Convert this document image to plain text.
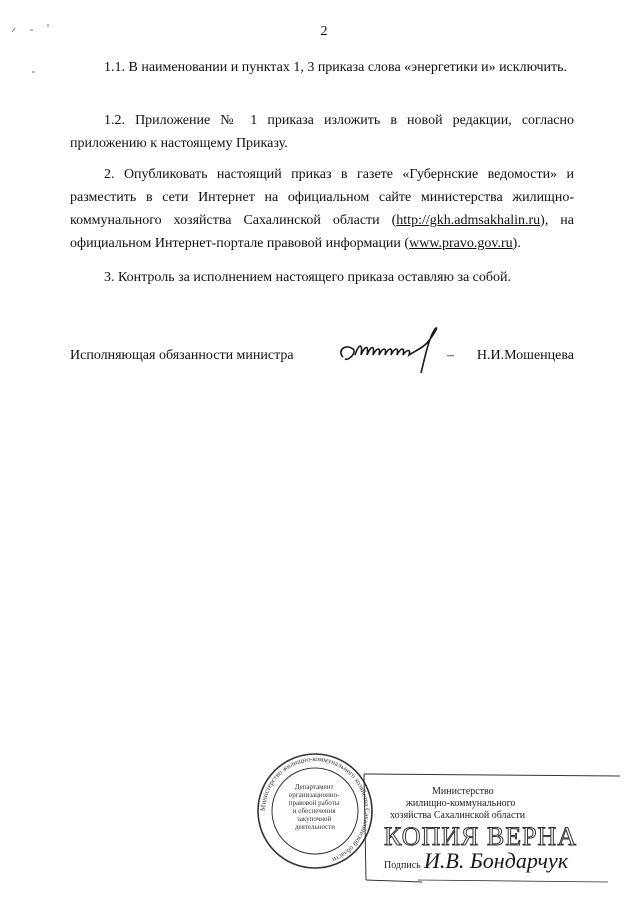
2

1.1. В наименовании и пунктах 1, 3 приказа слова «энергетики и» исключить.

1.2. Приложение № 1 приказа изложить в новой редакции, согласно приложению к настоящему Приказу.

2. Опубликовать настоящий приказ в газете «Губернские ведомости» и разместить в сети Интернет на официальном сайте министерства жилищно-коммунального хозяйства Сахалинской области (http://gkh.admsakhalin.ru), на официальном Интернет-портале правовой информации (www.pravo.gov.ru).

3. Контроль за исполнением настоящего приказа оставляю за собой.

Исполняющая обязанности министра	– Н.И.Мошенцева
Министерство жилищно-коммунального хозяйства Сахалинской области
Департамент организационно- правовой работы и обеспечения закупочной деятельности
Министерство
жилищно-коммунального
хозяйства Сахалинской области
КОПИЯ ВЕРНА
Подпись И.В. Бондарчук
